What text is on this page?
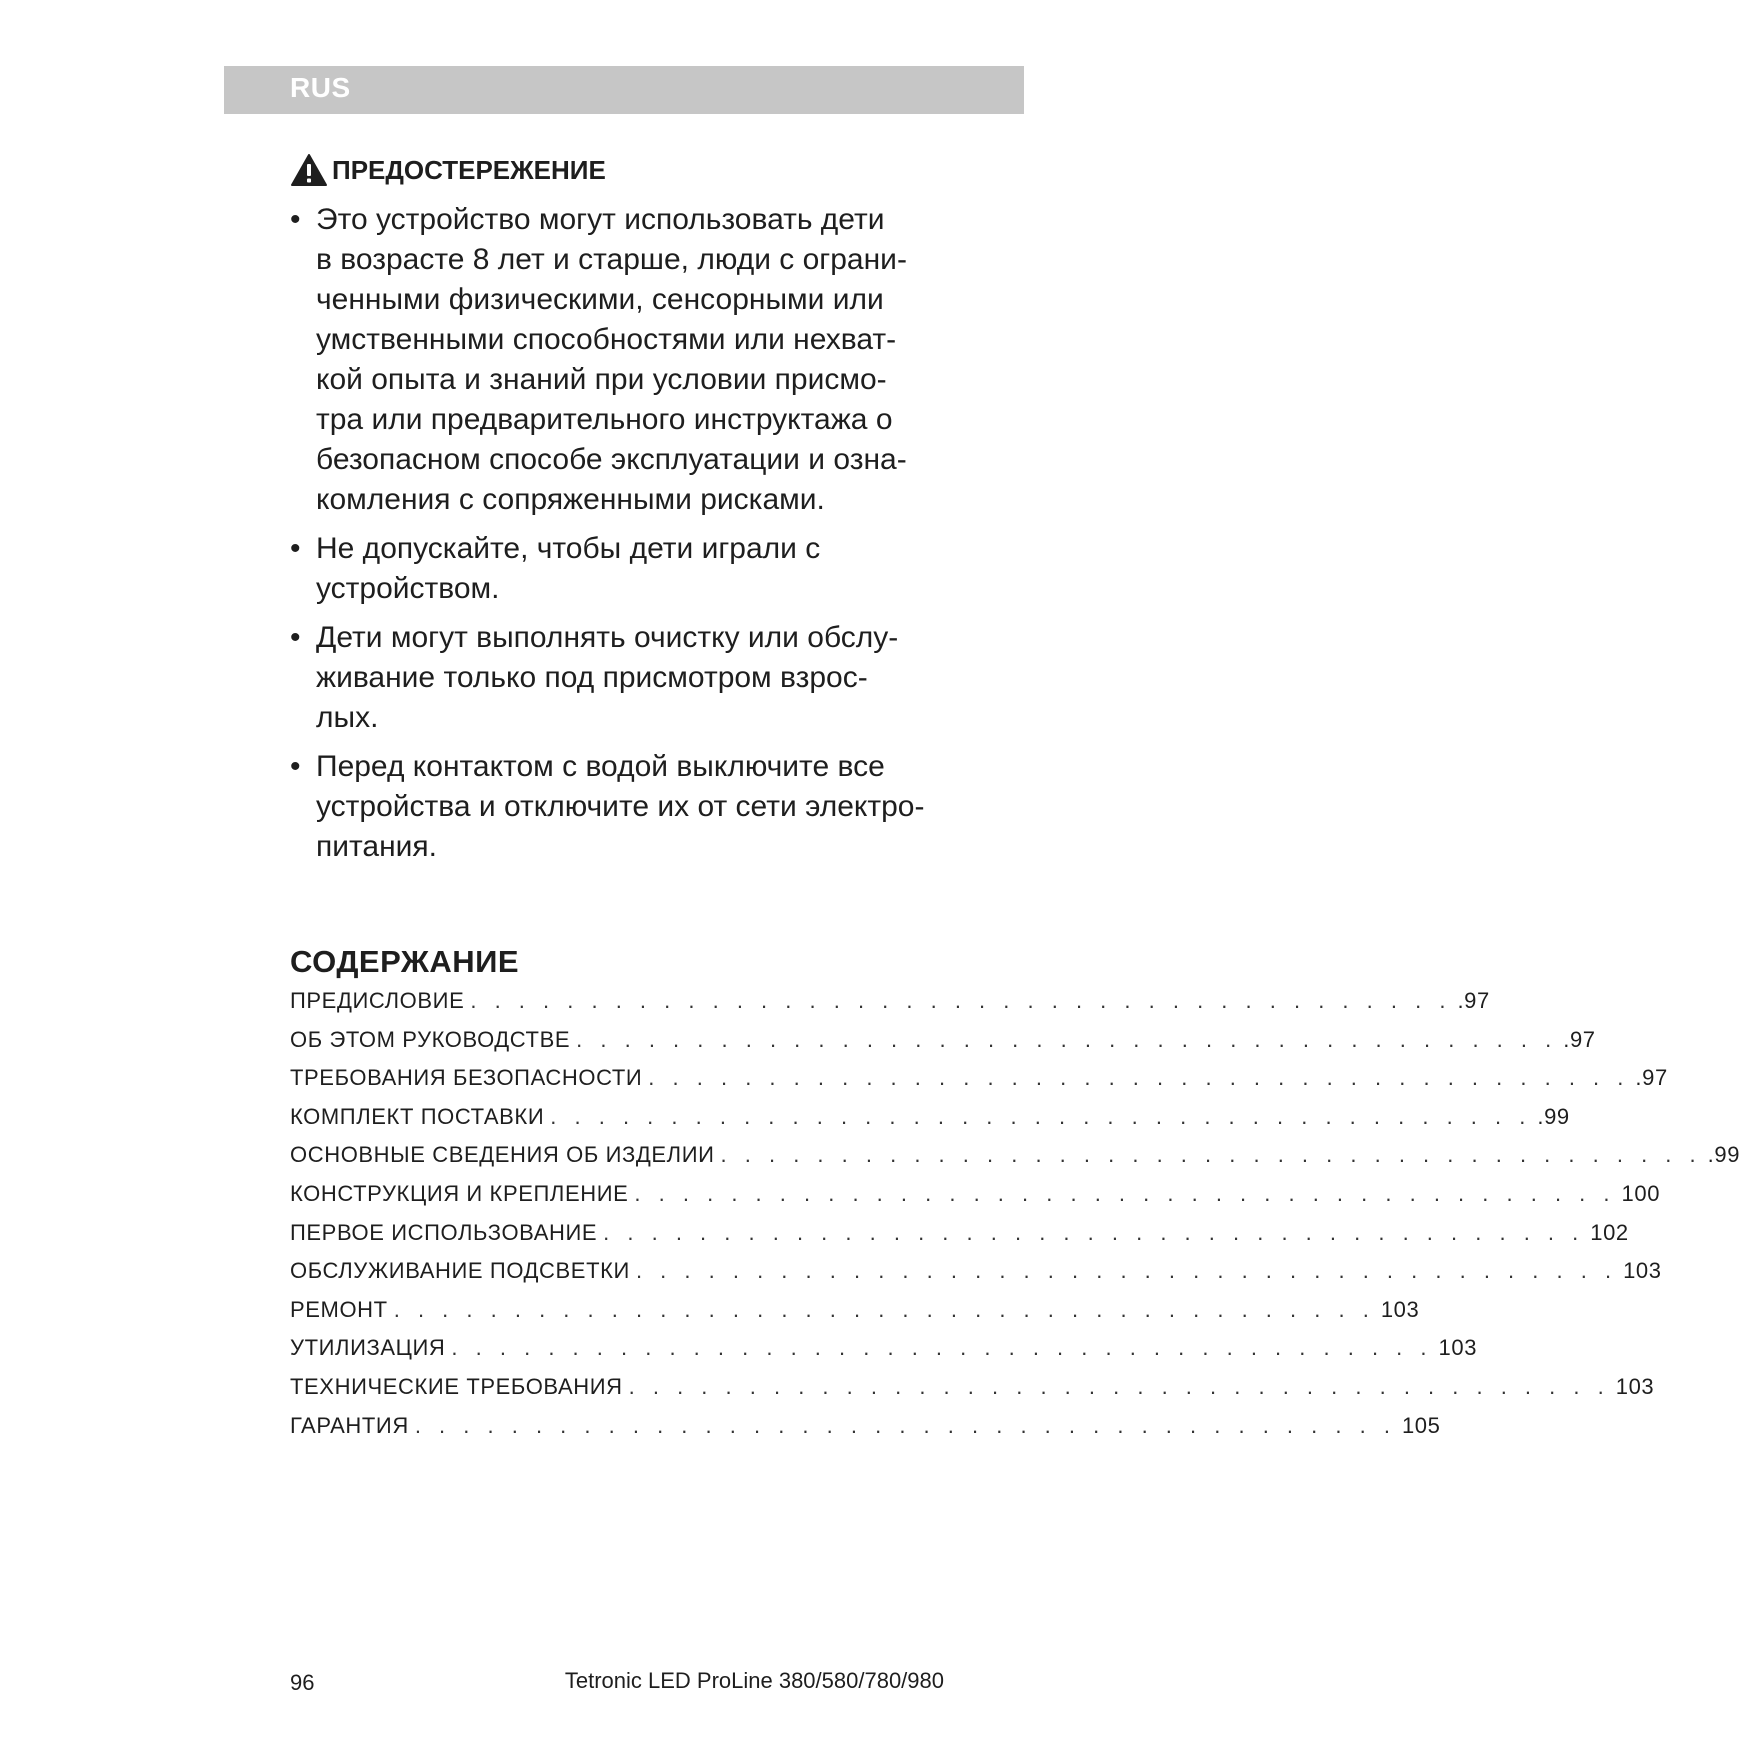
RUS
ПРЕДОСТЕРЕЖЕНИЕ
• Это устройство могут использовать дети
в возрасте 8 лет и старше, люди с ограни-
ченными физическими, сенсорными или
умственными способностями или нехват-
кой опыта и знаний при условии присмо-
тра или предварительного инструктажа о
безопасном способе эксплуатации и озна-
комления с сопряженными рисками.
• Не допускайте, чтобы дети играли с
устройством.
• Дети могут выполнять очистку или обслу-
живание только под присмотром взрос-
лых.
• Перед контактом с водой выключите все
устройства и отключите их от сети электро-
питания.
СОДЕРЖАНИЕ
ПРЕДИСЛОВИЕ . . . . . . . . . . . . . . . . . . . . . . . . . . . . . . . . . . . . . . . . . .97
ОБ ЭТОМ РУКОВОДСТВЕ . . . . . . . . . . . . . . . . . . . . . . . . . . . . . . . . . . . . . . . . . .97
ТРЕБОВАНИЯ БЕЗОПАСНОСТИ . . . . . . . . . . . . . . . . . . . . . . . . . . . . . . . . . . . . . . . . . .97
КОМПЛЕКТ ПОСТАВКИ . . . . . . . . . . . . . . . . . . . . . . . . . . . . . . . . . . . . . . . . . .99
ОСНОВНЫЕ СВЕДЕНИЯ ОБ ИЗДЕЛИИ . . . . . . . . . . . . . . . . . . . . . . . . . . . . . . . . . . . . . . . . . .99
КОНСТРУКЦИЯ И КРЕПЛЕНИЕ . . . . . . . . . . . . . . . . . . . . . . . . . . . . . . . . . . . . . . . . . 100
ПЕРВОЕ ИСПОЛЬЗОВАНИЕ . . . . . . . . . . . . . . . . . . . . . . . . . . . . . . . . . . . . . . . . . 102
ОБСЛУЖИВАНИЕ ПОДСВЕТКИ . . . . . . . . . . . . . . . . . . . . . . . . . . . . . . . . . . . . . . . . . 103
РЕМОНТ . . . . . . . . . . . . . . . . . . . . . . . . . . . . . . . . . . . . . . . . . 103
УТИЛИЗАЦИЯ . . . . . . . . . . . . . . . . . . . . . . . . . . . . . . . . . . . . . . . . . 103
ТЕХНИЧЕСКИЕ ТРЕБОВАНИЯ . . . . . . . . . . . . . . . . . . . . . . . . . . . . . . . . . . . . . . . . . 103
ГАРАНТИЯ . . . . . . . . . . . . . . . . . . . . . . . . . . . . . . . . . . . . . . . . . 105
96	Tetronic LED ProLine 380/580/780/980
